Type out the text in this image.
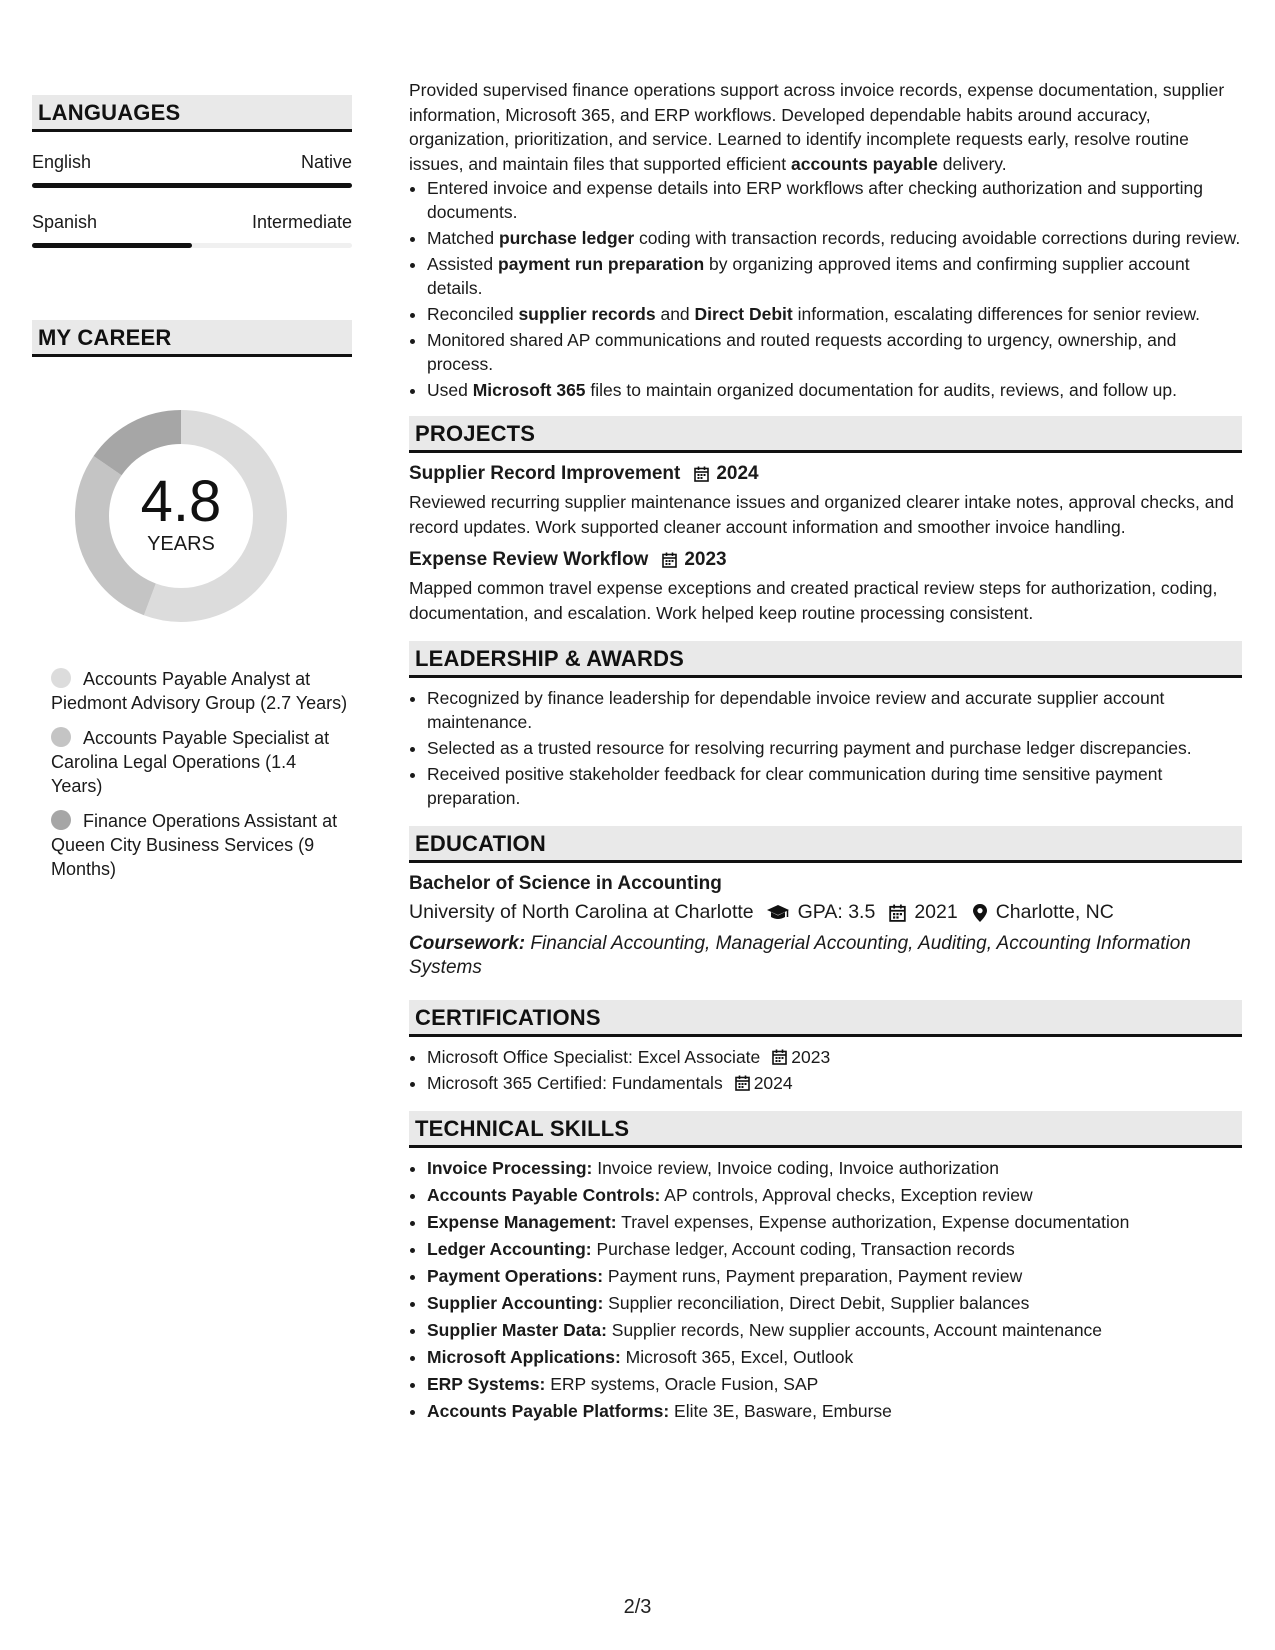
LANGUAGES
English	Native
Spanish	Intermediate
MY CAREER
4.8
YEARS
Accounts Payable Analyst at Piedmont Advisory Group (2.7 Years)
Accounts Payable Specialist at Carolina Legal Operations (1.4 Years)
Finance Operations Assistant at Queen City Business Services (9 Months)
Provided supervised finance operations support across invoice records, expense documentation, supplier information, Microsoft 365, and ERP workflows. Developed dependable habits around accuracy, organization, prioritization, and service. Learned to identify incomplete requests early, resolve routine issues, and maintain files that supported efficient accounts payable delivery.
• Entered invoice and expense details into ERP workflows after checking authorization and supporting documents.
• Matched purchase ledger coding with transaction records, reducing avoidable corrections during review.
• Assisted payment run preparation by organizing approved items and confirming supplier account details.
• Reconciled supplier records and Direct Debit information, escalating differences for senior review.
• Monitored shared AP communications and routed requests according to urgency, ownership, and process.
• Used Microsoft 365 files to maintain organized documentation for audits, reviews, and follow up.
PROJECTS
Supplier Record Improvement 2024
Reviewed recurring supplier maintenance issues and organized clearer intake notes, approval checks, and record updates. Work supported cleaner account information and smoother invoice handling.
Expense Review Workflow 2023
Mapped common travel expense exceptions and created practical review steps for authorization, coding, documentation, and escalation. Work helped keep routine processing consistent.
LEADERSHIP & AWARDS
• Recognized by finance leadership for dependable invoice review and accurate supplier account maintenance.
• Selected as a trusted resource for resolving recurring payment and purchase ledger discrepancies.
• Received positive stakeholder feedback for clear communication during time sensitive payment preparation.
EDUCATION
Bachelor of Science in Accounting
University of North Carolina at Charlotte GPA: 3.5 2021 Charlotte, NC
Coursework: Financial Accounting, Managerial Accounting, Auditing, Accounting Information Systems
CERTIFICATIONS
• Microsoft Office Specialist: Excel Associate 2023
• Microsoft 365 Certified: Fundamentals 2024
TECHNICAL SKILLS
• Invoice Processing: Invoice review, Invoice coding, Invoice authorization
• Accounts Payable Controls: AP controls, Approval checks, Exception review
• Expense Management: Travel expenses, Expense authorization, Expense documentation
• Ledger Accounting: Purchase ledger, Account coding, Transaction records
• Payment Operations: Payment runs, Payment preparation, Payment review
• Supplier Accounting: Supplier reconciliation, Direct Debit, Supplier balances
• Supplier Master Data: Supplier records, New supplier accounts, Account maintenance
• Microsoft Applications: Microsoft 365, Excel, Outlook
• ERP Systems: ERP systems, Oracle Fusion, SAP
• Accounts Payable Platforms: Elite 3E, Basware, Emburse
2/3
